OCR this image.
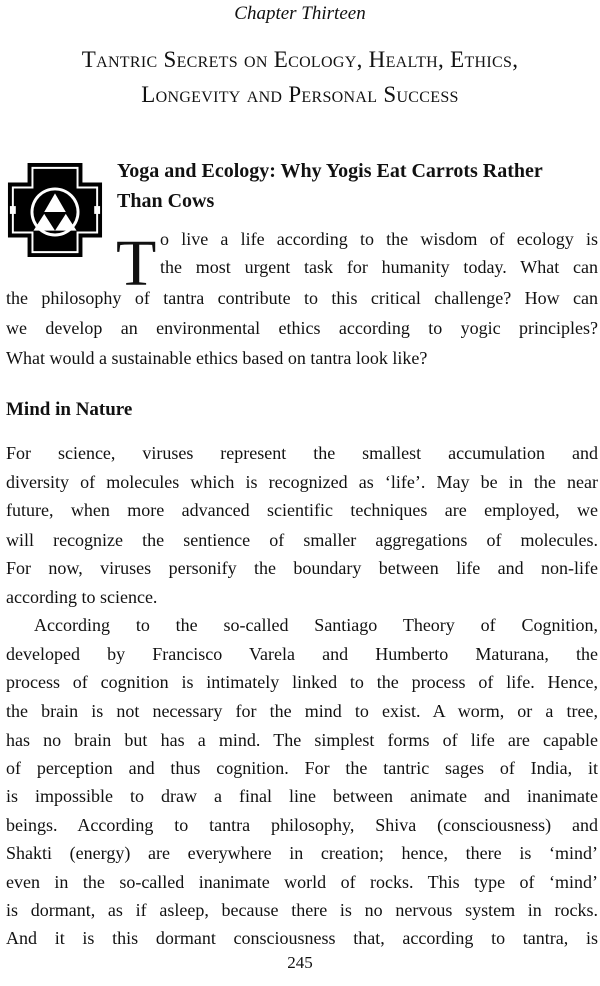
Chapter Thirteen
Tantric Secrets on Ecology, Health, Ethics,
Longevity and Personal Success
Yoga and Ecology: Why Yogis Eat Carrots Rather
Than Cows
T o live a life according to the wisdom of ecology is
the most urgent task for humanity today. What can
the philosophy of tantra contribute to this critical challenge? How can
we develop an environmental ethics according to yogic principles?
What would a sustainable ethics based on tantra look like?
Mind in Nature
For science, viruses represent the smallest accumulation and
diversity of molecules which is recognized as ‘life’. May be in the near
future, when more advanced scientific techniques are employed, we
will recognize the sentience of smaller aggregations of molecules.
For now, viruses personify the boundary between life and non-life
according to science.
According to the so-called Santiago Theory of Cognition,
developed by Francisco Varela and Humberto Maturana, the
process of cognition is intimately linked to the process of life. Hence,
the brain is not necessary for the mind to exist. A worm, or a tree,
has no brain but has a mind. The simplest forms of life are capable
of perception and thus cognition. For the tantric sages of India, it
is impossible to draw a final line between animate and inanimate
beings. According to tantra philosophy, Shiva (consciousness) and
Shakti (energy) are everywhere in creation; hence, there is ‘mind’
even in the so-called inanimate world of rocks. This type of ‘mind’
is dormant, as if asleep, because there is no nervous system in rocks.
And it is this dormant consciousness that, according to tantra, is
245
